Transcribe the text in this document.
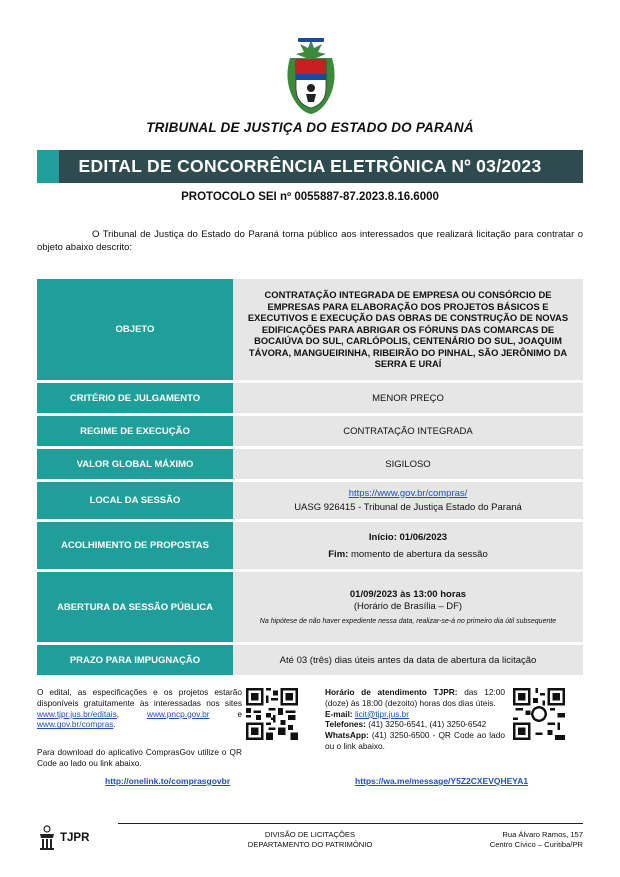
TRIBUNAL DE JUSTIÇA DO ESTADO DO PARANÁ
EDITAL DE CONCORRÊNCIA ELETRÔNICA Nº 03/2023
PROTOCOLO SEI nº 0055887-87.2023.8.16.6000
O Tribunal de Justiça do Estado do Paraná torna público aos interessados que realizará licitação para contratar o objeto abaixo descrito:
OBJETO	CONTRATAÇÃO INTEGRADA DE EMPRESA OU CONSÓRCIO DE EMPRESAS PARA ELABORAÇÃO DOS PROJETOS BÁSICOS E EXECUTIVOS E EXECUÇÃO DAS OBRAS DE CONSTRUÇÃO DE NOVAS EDIFICAÇÕES PARA ABRIGAR OS FÓRUNS DAS COMARCAS DE BOCAIÚVA DO SUL, CARLÓPOLIS, CENTENÁRIO DO SUL, JOAQUIM TÁVORA, MANGUEIRINHA, RIBEIRÃO DO PINHAL, SÃO JERÔNIMO DA SERRA E URAÍ

CRITÉRIO DE JULGAMENTO	MENOR PREÇO
REGIME DE EXECUÇÃO	CONTRATAÇÃO INTEGRADA
VALOR GLOBAL MÁXIMO	SIGILOSO
LOCAL DA SESSÃO	https://www.gov.br/compras/
UASG 926415 - Tribunal de Justiça Estado do Paraná

ACOLHIMENTO DE PROPOSTAS	Início: 01/06/2023
Fim: momento de abertura da sessão

ABERTURA DA SESSÃO PÚBLICA	01/09/2023 às 13:00 horas
(Horário de Brasília – DF)
Na hipótese de não haver expediente nessa data, realizar-se-á no primeiro dia útil subsequente

PRAZO PARA IMPUGNAÇÃO	Até 03 (três) dias úteis antes da data de abertura da licitação
O edital, as especificações e os projetos estarão disponíveis gratuitamente às interessadas nos sites www.tjpr.jus.br/editais, www.pncp.gov.br e www.gov.br/compras.
Para download do aplicativo ComprasGov utilize o QR Code ao lado ou link abaixo.
http://onelink.to/comprasgovbr
Horário de atendimento TJPR: das 12:00 (doze) às 18:00 (dezoito) horas dos dias úteis.
E-mail: licit@tjpr.jus.br
Telefones: (41) 3250-6541, (41) 3250-6542
WhatsApp: (41) 3250-6500 - QR Code ao lado ou o link abaixo.
https://wa.me/message/Y5Z2CXEVQHEYA1
TJPR	DIVISÃO DE LICITAÇÕES
DEPARTAMENTO DO PATRIMÔNIO
Rua Álvaro Ramos, 157
Centro Cívico – Curitiba/PR
